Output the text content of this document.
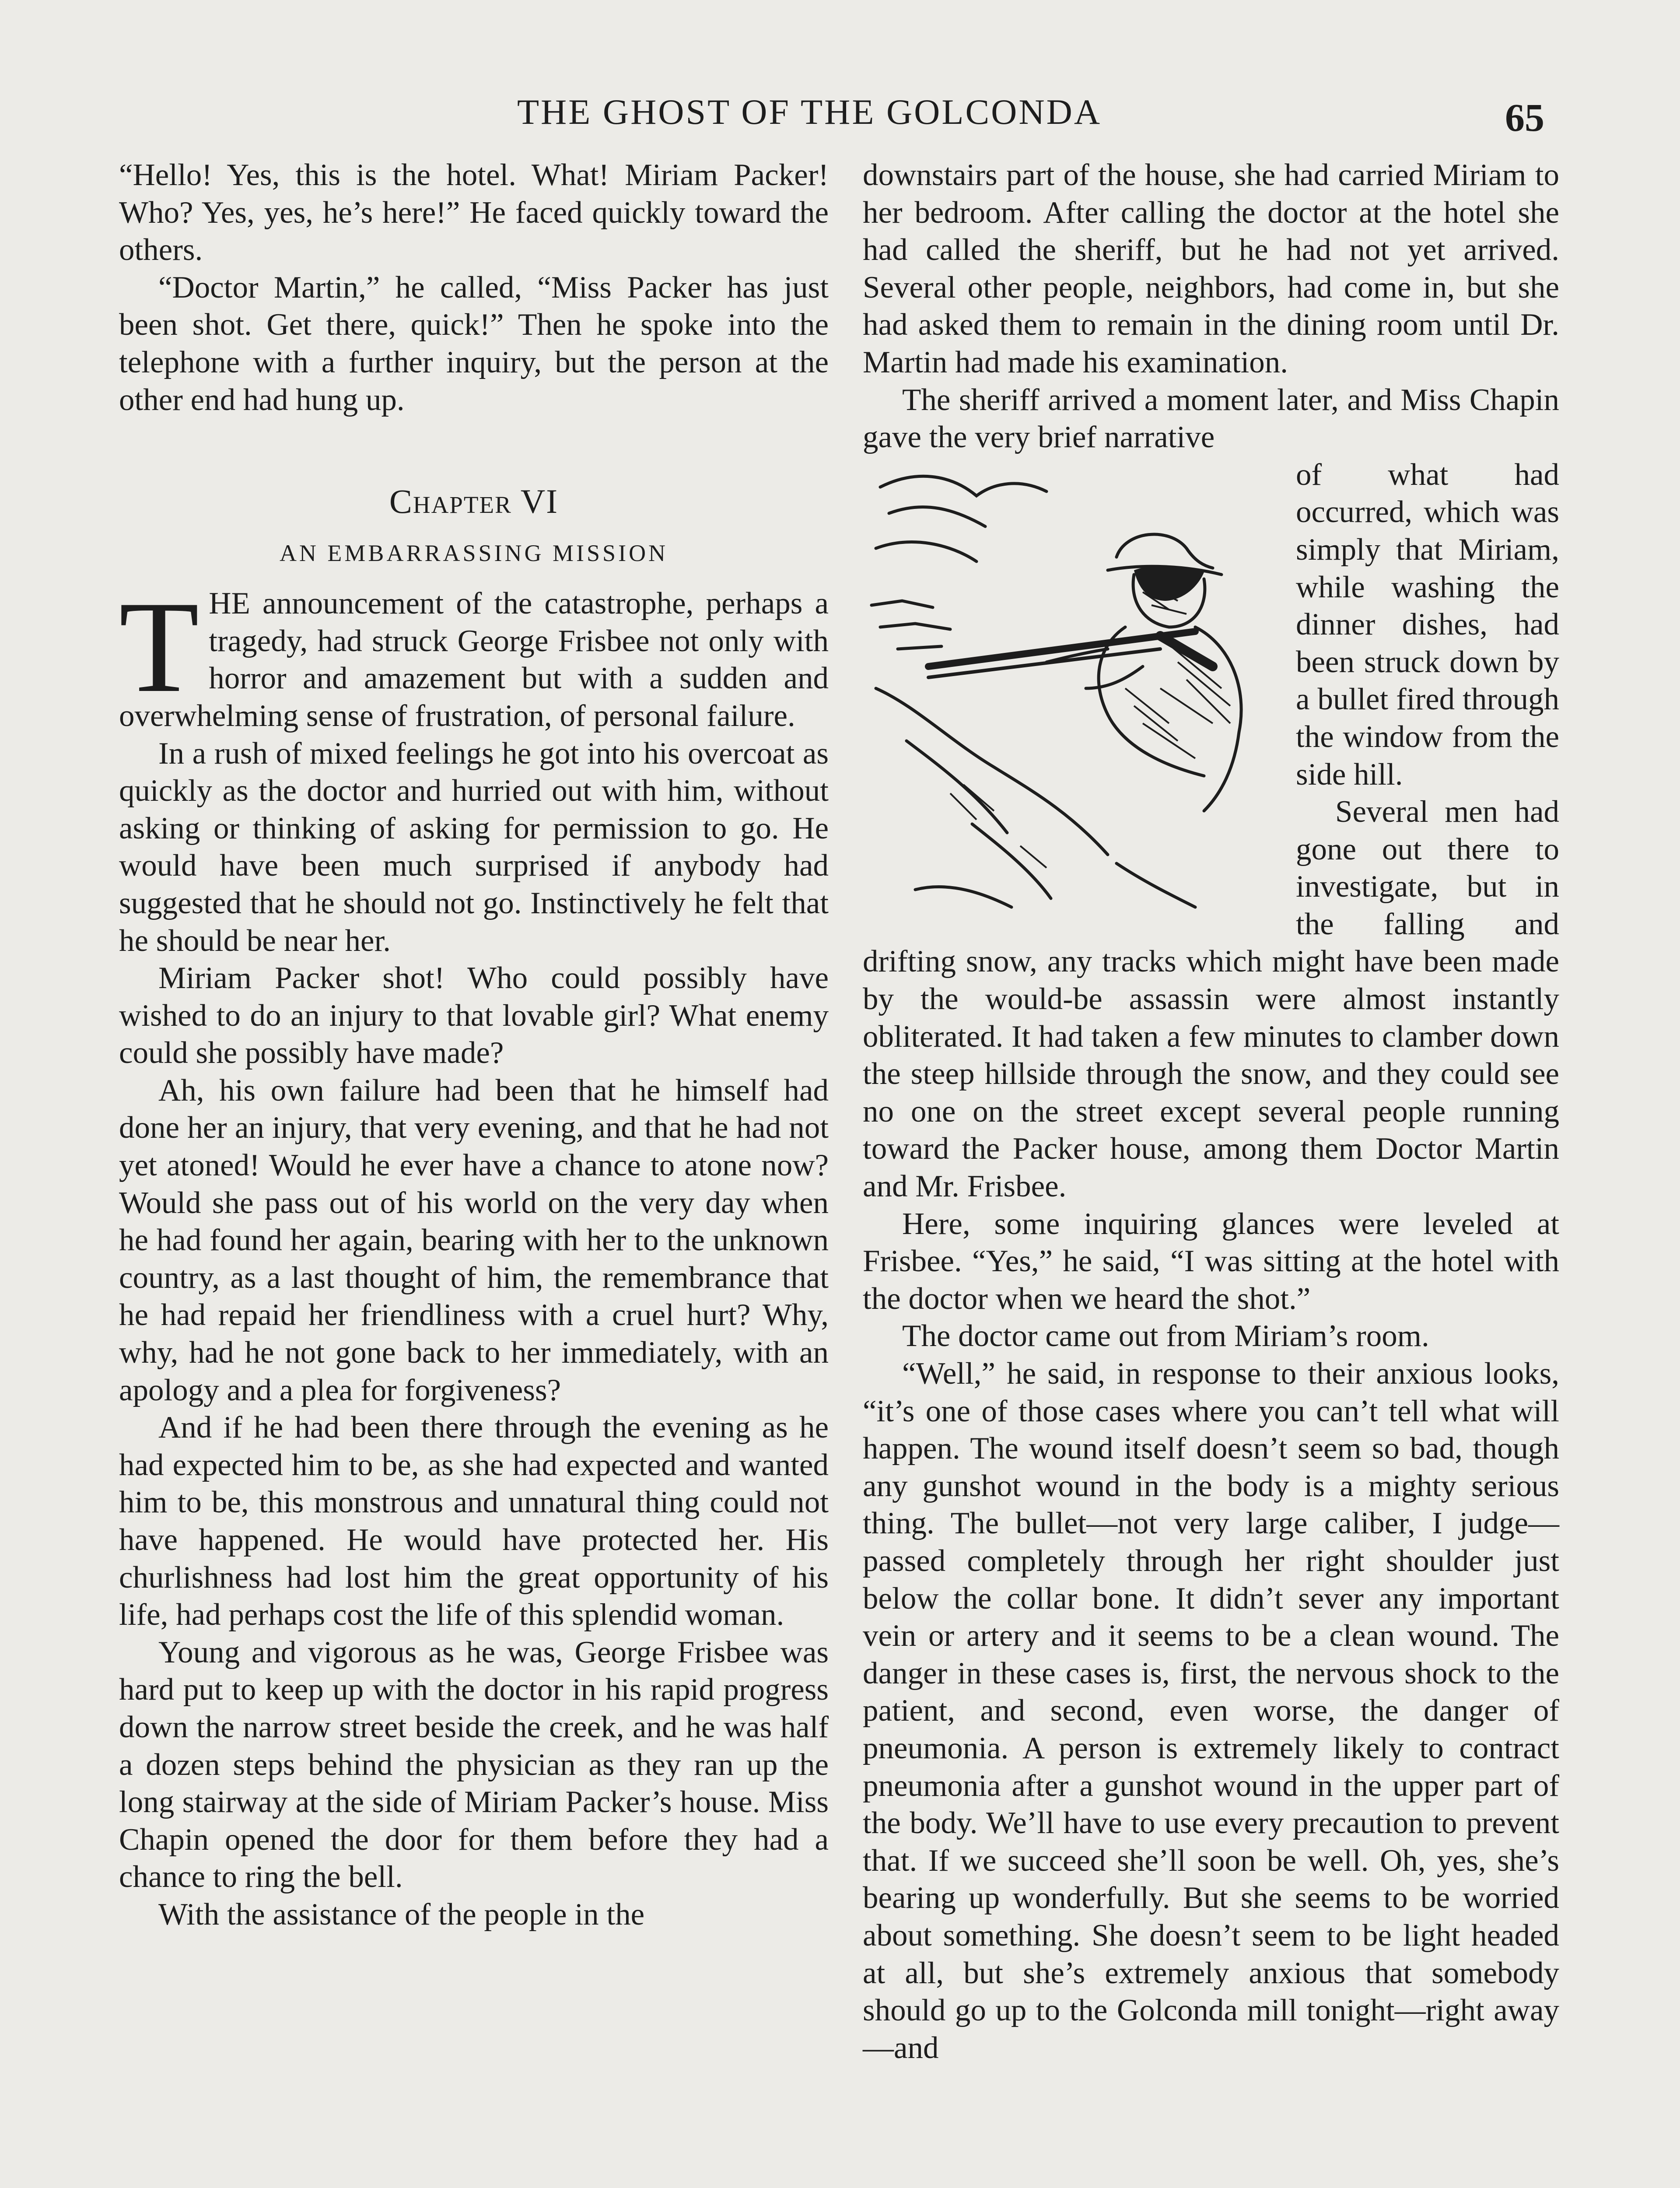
THE GHOST OF THE GOLCONDA	65

“Hello! Yes, this is the hotel. What! Miriam Packer! Who? Yes, yes, he’s here!” He faced quickly toward the others.

“Doctor Martin,” he called, “Miss Packer has just been shot. Get there, quick!” Then he spoke into the telephone with a further inquiry, but the person at the other end had hung up.

Chapter VI
AN EMBARRASSING MISSION

THE announcement of the catastrophe, perhaps a tragedy, had struck George Frisbee not only with horror and amazement but with a sudden and overwhelming sense of frustration, of personal failure.

In a rush of mixed feelings he got into his overcoat as quickly as the doctor and hurried out with him, without asking or thinking of asking for permission to go. He would have been much surprised if anybody had suggested that he should not go. Instinctively he felt that he should be near her.

Miriam Packer shot! Who could possibly have wished to do an injury to that lovable girl? What enemy could she possibly have made?

Ah, his own failure had been that he himself had done her an injury, that very evening, and that he had not yet atoned! Would he ever have a chance to atone now? Would she pass out of his world on the very day when he had found her again, bearing with her to the unknown country, as a last thought of him, the remembrance that he had repaid her friendliness with a cruel hurt? Why, why, had he not gone back to her immediately, with an apology and a plea for forgiveness?

And if he had been there through the evening as he had expected him to be, as she had expected and wanted him to be, this monstrous and unnatural thing could not have happened. He would have protected her. His churlishness had lost him the great opportunity of his life, had perhaps cost the life of this splendid woman.

Young and vigorous as he was, George Frisbee was hard put to keep up with the doctor in his rapid progress down the narrow street beside the creek, and he was half a dozen steps behind the physician as they ran up the long stairway at the side of Miriam Packer’s house. Miss Chapin opened the door for them before they had a chance to ring the bell.

With the assistance of the people in the

downstairs part of the house, she had carried Miriam to her bedroom. After calling the doctor at the hotel she had called the sheriff, but he had not yet arrived. Several other people, neighbors, had come in, but she had asked them to remain in the dining room until Dr. Martin had made his examination.

The sheriff arrived a moment later, and Miss Chapin gave the very brief narrative

of what had occurred, which was simply that Miriam, while washing the dinner dishes, had been struck down by a bullet fired through the window from the side hill.

Several men had gone out there to investigate, but in the falling and drifting snow, any tracks which might have been made by the would-be assassin were almost instantly obliterated. It had taken a few minutes to clamber down the steep hillside through the snow, and they could see no one on the street except several people running toward the Packer house, among them Doctor Martin and Mr. Frisbee.

Here, some inquiring glances were leveled at Frisbee. “Yes,” he said, “I was sitting at the hotel with the doctor when we heard the shot.”

The doctor came out from Miriam’s room.

“Well,” he said, in response to their anxious looks, “it’s one of those cases where you can’t tell what will happen. The wound itself doesn’t seem so bad, though any gunshot wound in the body is a mighty serious thing. The bullet—not very large caliber, I judge—passed completely through her right shoulder just below the collar bone. It didn’t sever any important vein or artery and it seems to be a clean wound. The danger in these cases is, first, the nervous shock to the patient, and second, even worse, the danger of pneumonia. A person is extremely likely to contract pneumonia after a gunshot wound in the upper part of the body. We’ll have to use every precaution to prevent that. If we succeed she’ll soon be well. Oh, yes, she’s bearing up wonderfully. But she seems to be worried about something. She doesn’t seem to be light headed at all, but she’s extremely anxious that somebody should go up to the Golconda mill tonight—right away—and
